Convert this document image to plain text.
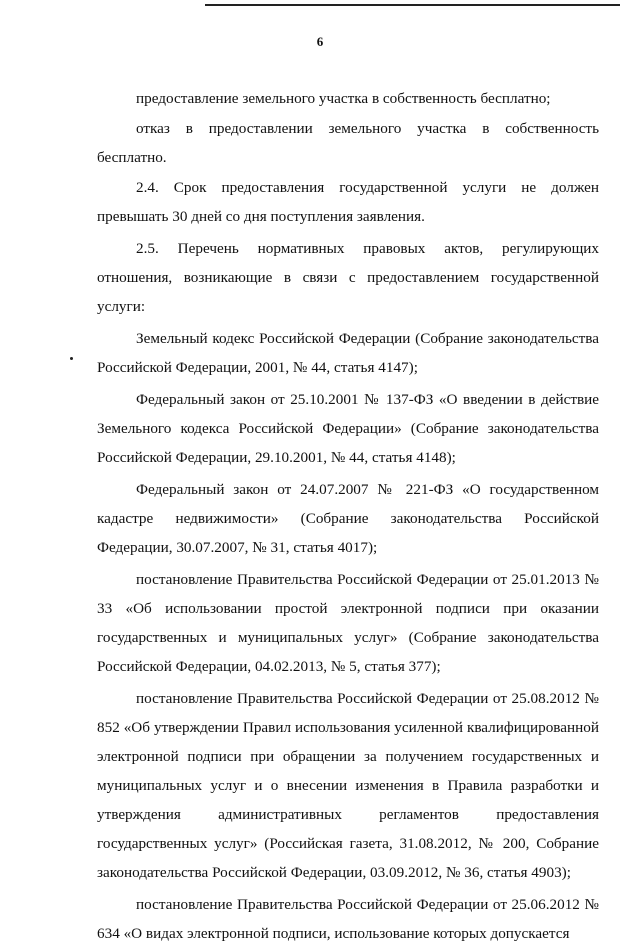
6

предоставление земельного участка в собственность бесплатно;

отказ в предоставлении земельного участка в собственность бесплатно.

2.4. Срок предоставления государственной услуги не должен превышать 30 дней со дня поступления заявления.

2.5. Перечень нормативных правовых актов, регулирующих отношения, возникающие в связи с предоставлением государственной услуги:

Земельный кодекс Российской Федерации (Собрание законодательства Российской Федерации, 2001, № 44, статья 4147);

Федеральный закон от 25.10.2001 № 137-ФЗ «О введении в действие Земельного кодекса Российской Федерации» (Собрание законодательства Российской Федерации, 29.10.2001, № 44, статья 4148);

Федеральный закон от 24.07.2007 № 221-ФЗ «О государственном кадастре недвижимости» (Собрание законодательства Российской Федерации, 30.07.2007, № 31, статья 4017);

постановление Правительства Российской Федерации от 25.01.2013 № 33 «Об использовании простой электронной подписи при оказании государственных и муниципальных услуг» (Собрание законодательства Российской Федерации, 04.02.2013, № 5, статья 377);

постановление Правительства Российской Федерации от 25.08.2012 № 852 «Об утверждении Правил использования усиленной квалифицированной электронной подписи при обращении за получением государственных и муниципальных услуг и о внесении изменения в Правила разработки и утверждения административных регламентов предоставления государственных услуг» (Российская газета, 31.08.2012, № 200, Собрание законодательства Российской Федерации, 03.09.2012, № 36, статья 4903);

постановление Правительства Российской Федерации от 25.06.2012 № 634 «О видах электронной подписи, использование которых допускается
